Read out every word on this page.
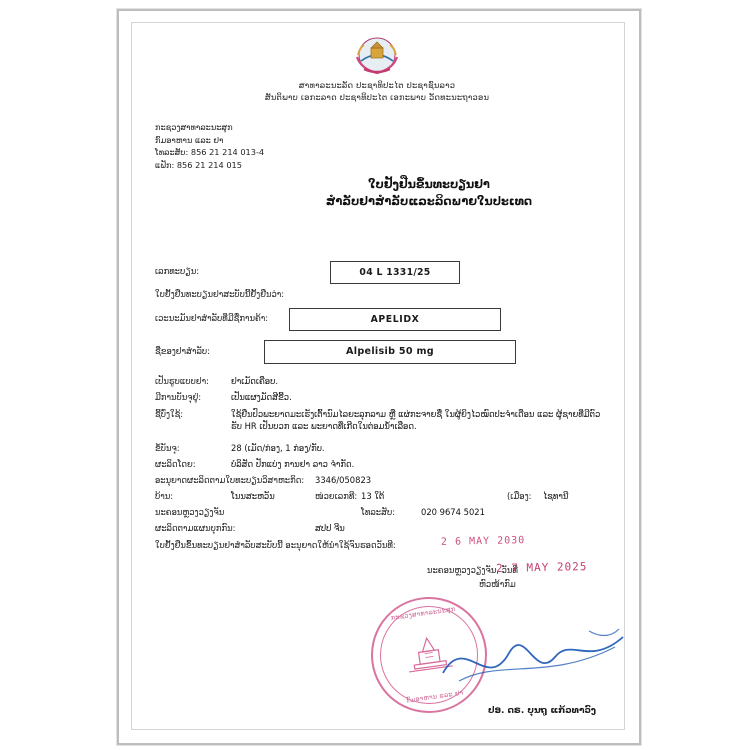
ສາທາລະນະລັດ ປະຊາທິປະໄຕ ປະຊາຊົນລາວ
ສັນຕິພາບ ເອກະລາດ ປະຊາທິປະໄຕ ເອກະພາບ ວັດທະນະຖາວອນ
ກະຊວງສາທາລະນະສຸກ
ກົມອາຫານ ແລະ ຢາ
ໂທລະສັບ: 856 21 214 013-4
ແຟັກ: 856 21 214 015
ໃບຢັ້ງຢືນຂຶ້ນທະບຽນຢາ
ສຳລັບຢາສຳລັບແລະລິດພາຍໃນປະເທດ
ເລກທະບຽນ:	04 L 1331/25
ໃບຢັ້ງຢືນທະບຽນຢາສະບັບນີ້ຢັ້ງຢືນວ່າ:
ເວະນະມັນຢາສຳລັບທີ່ມີຊື່ການຄ້າ:	APELIDX
ຊື່ຂອງຢາສຳລັບ:	Alpelisib 50 mg
ເປັນຮູບແບບຢາ:	ຢາເມັດເຄືອບ.
ມີການບັນຈຸຢູ່:	ເປັນແຜງມັດສີຂີ້ວ.
ຊີ້ບົ່ງໃຊ້:	ໃຊ້ຢືນປົວພະຍາດມະເຮັງເຕົ້ານົມໄລຍະລຸກລາມ ຫຼື ແຜ່ກະຈາຍຊື່ ໃນຜູ້ຍິງໄວໝົດປະຈໍາເດືອນ ແລະ ຜູ້ຊາຍທີ່ມີຕົວຮັບ HR ເປັນບວກ ແລະ ພະຍາດທີ່ເກີດໃນຕ່ອມນ້ຳເລືອດ.
ຂໍ້ບັນຈຸ:	28 (ເມັດ/ກ່ອງ, 1 ກ່ອງ/ກັບ.
ຜະລິດໂດຍ:	ບໍລິສັດ ປັກແບ່ງ ການຢາ ລາວ ຈຳກັດ.
ອະນຸຍາດຜະລິດຕາມໃບທະບຽນວິສາຫະກິດ: 3346/050823
ບ້ານ:	ໂນນສະຫວັນ	ໜ່ວຍເລກທີ: 13 ໃຕ້	(ເມືອງ: ໄຊທານີ
ນະຄອນຫຼວງວຽງຈັນ	ໂທລະສັບ:	020 9674 5021
ຜະລິດຕາມແຜນບຸກກົນ:	ສປປ ຈີນ
ໃບຢັ້ງຢືນຂຶ້ນທະບຽນຢາສຳລັບສະບັບນີ້ ອະນຸຍາດໃຫ້ນຳໃຊ້ຈົນຮອດວັນທີ:	2 6 MAY 2030
ນະຄອນຫຼວງວຽງຈັນ, ວັນທີ
2 7 MAY 2025
ຫົວໜ້າກົມ
ກະຊວງສາທາລະນະສຸກ
ກົມອາຫານ ແລະ ຢາ
ປອ. ດຣ. ບຸນຖູ ແກ້ວທາວົງ
